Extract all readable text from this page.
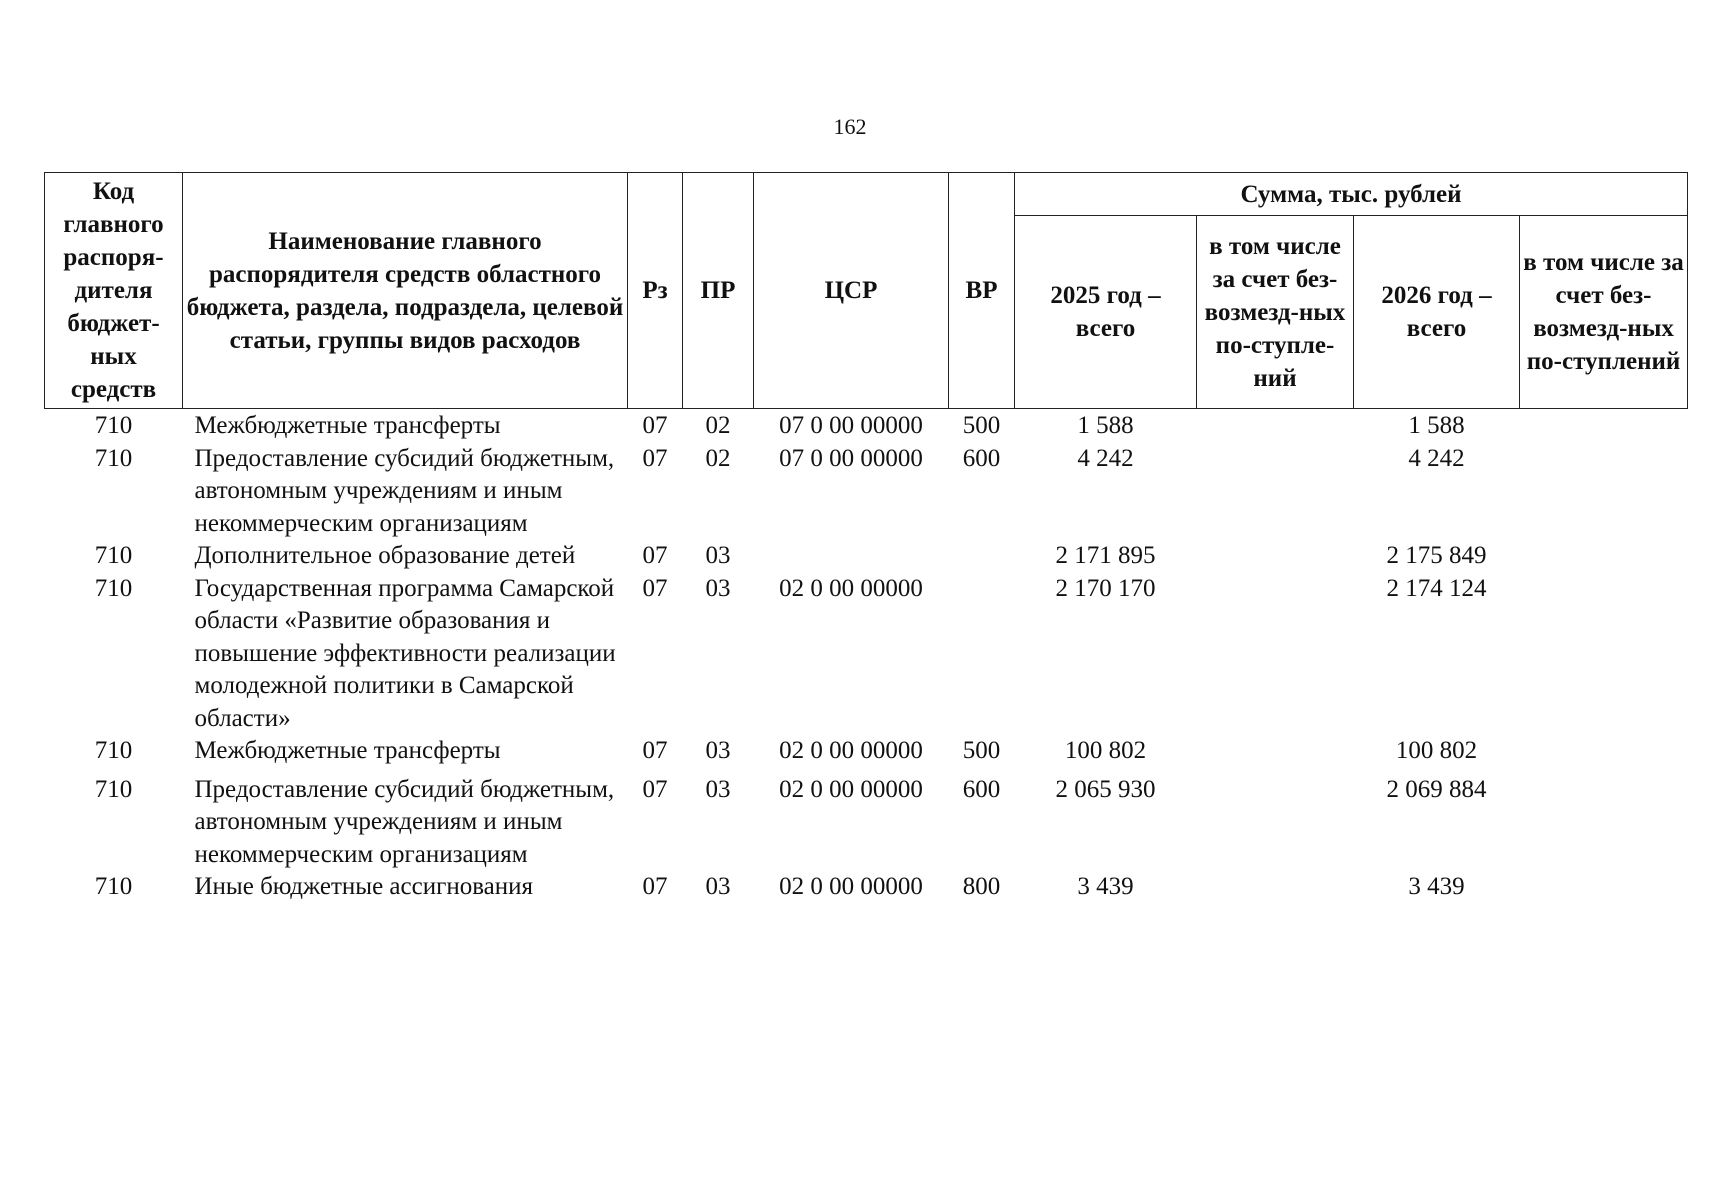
162
Код главного распоря-дителя бюджет-ных средств	Наименование главного распорядителя средств областного бюджета, раздела, подраздела, целевой статьи, группы видов расходов	Рз	ПР	ЦСР	ВР	Сумма, тыс. рублей			
						2025 год – всего	в том числе за счет без-возмезд-ных по-ступле-ний	2026 год – всего	в том числе за счет без-возмезд-ных по-ступлений
710	Межбюджетные трансферты	07	02	07 0 00 00000	500	1 588		1 588	
710	Предоставление субсидий бюджетным, автономным учреждениям и иным некоммерческим организациям	07	02	07 0 00 00000	600	4 242		4 242	
710	Дополнительное образование детей	07	03			2 171 895		2 175 849	
710	Государственная программа Самарской области «Развитие образования и повышение эффективности реализации молодежной политики в Самарской области»	07	03	02 0 00 00000		2 170 170		2 174 124	
710	Межбюджетные трансферты	07	03	02 0 00 00000	500	100 802		100 802	
710	Предоставление субсидий бюджетным, автономным учреждениям и иным некоммерческим организациям	07	03	02 0 00 00000	600	2 065 930		2 069 884	
710	Иные бюджетные ассигнования	07	03	02 0 00 00000	800	3 439		3 439	
